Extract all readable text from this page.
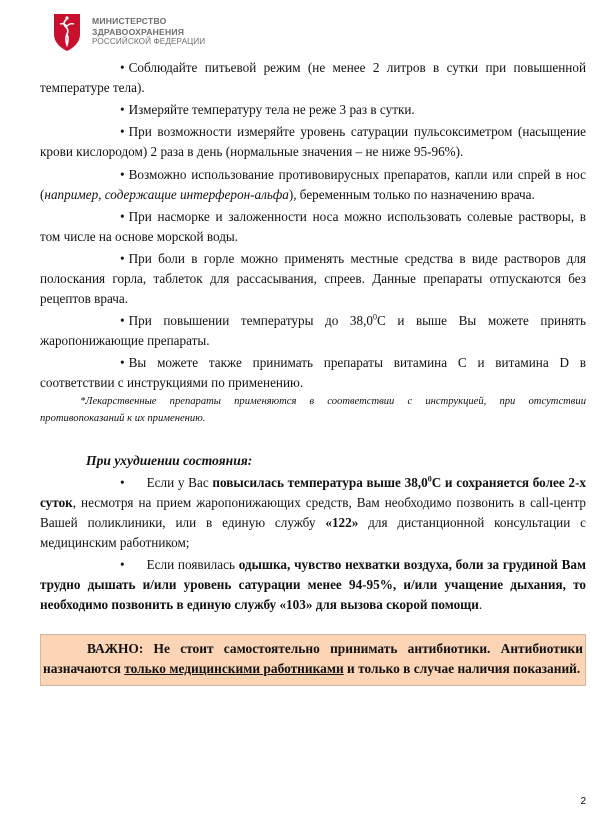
МИНИСТЕРСТВО
ЗДРАВООХРАНЕНИЯ
РОССИЙСКОЙ ФЕДЕРАЦИИ

• Соблюдайте питьевой режим (не менее 2 литров в сутки при повышенной температуре тела).

• Измеряйте температуру тела не реже 3 раз в сутки.

• При возможности измеряйте уровень сатурации пульсоксиметром (насыщение крови кислородом) 2 раза в день (нормальные значения – не ниже 95-96%).

• Возможно использование противовирусных препаратов, капли или спрей в нос (например, содержащие интерферон-альфа), беременным только по назначению врача.

• При насморке и заложенности носа можно использовать солевые растворы, в том числе на основе морской воды.

• При боли в горле можно применять местные средства в виде растворов для полоскания горла, таблеток для рассасывания, спреев. Данные препараты отпускаются без рецептов врача.

• При повышении температуры до 38,0$^0$С и выше Вы можете принять жаропонижающие препараты.

• Вы можете также принимать препараты витамина С и витамина D в соответствии с инструкциями по применению.

*Лекарственные препараты применяются в соответствии с инструкцией, при отсутствии противопоказаний к их применению.

При ухудшении состояния:

• Если у Вас повысилась температура выше 38,0$^0$С и сохраняется более 2-х суток, несмотря на прием жаропонижающих средств, Вам необходимо позвонить в call-центр Вашей поликлиники, или в единую службу «122» для дистанционной консультации с медицинским работником;

• Если появилась одышка, чувство нехватки воздуха, боли за грудиной Вам трудно дышать и/или уровень сатурации менее 94-95%, и/или учащение дыхания, то необходимо позвонить в единую службу «103» для вызова скорой помощи.

ВАЖНО: Не стоит самостоятельно принимать антибиотики. Антибиотики назначаются только медицинскими работниками и только в случае наличия показаний.
2
